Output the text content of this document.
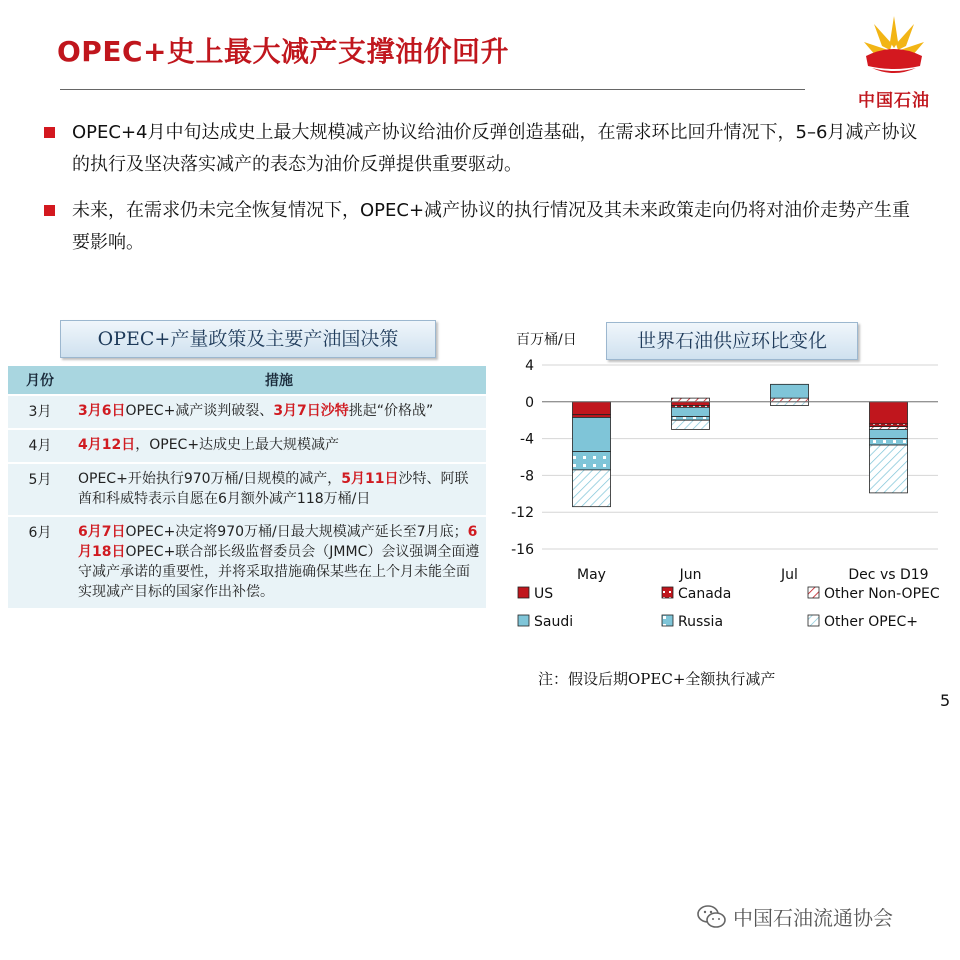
OPEC+史上最大减产支撑油价回升
中国石油
OPEC+4月中旬达成史上最大规模减产协议给油价反弹创造基础，在需求环比回升情况下，5–6月减产协议的执行及坚决落实减产的表态为油价反弹提供重要驱动。
未来，在需求仍未完全恢复情况下，OPEC+减产协议的执行情况及其未来政策走向仍将对油价走势产生重要影响。
OPEC+产量政策及主要产油国决策
月份	措施
3月	3月6日OPEC+减产谈判破裂、3月7日沙特挑起“价格战”
4月	4月12日，OPEC+达成史上最大规模减产
5月	OPEC+开始执行970万桶/日规模的减产，5月11日沙特、阿联酋和科威特表示自愿在6月额外减产118万桶/日
6月	6月7日OPEC+决定将970万桶/日最大规模减产延长至7月底；6月18日OPEC+联合部长级监督委员会（JMMC）会议强调全面遵守减产承诺的重要性，并将采取措施确保某些在上个月未能全面实现减产目标的国家作出补偿。
世界石油供应环比变化
百万桶/日
4
0
-4
-8
-12
-16
May	Jun	Jul	Dec vs D19
US	Canada	Other Non-OPEC
Saudi	Russia	Other OPEC+
注：假设后期OPEC+全额执行减产
5
中国石油流通协会
